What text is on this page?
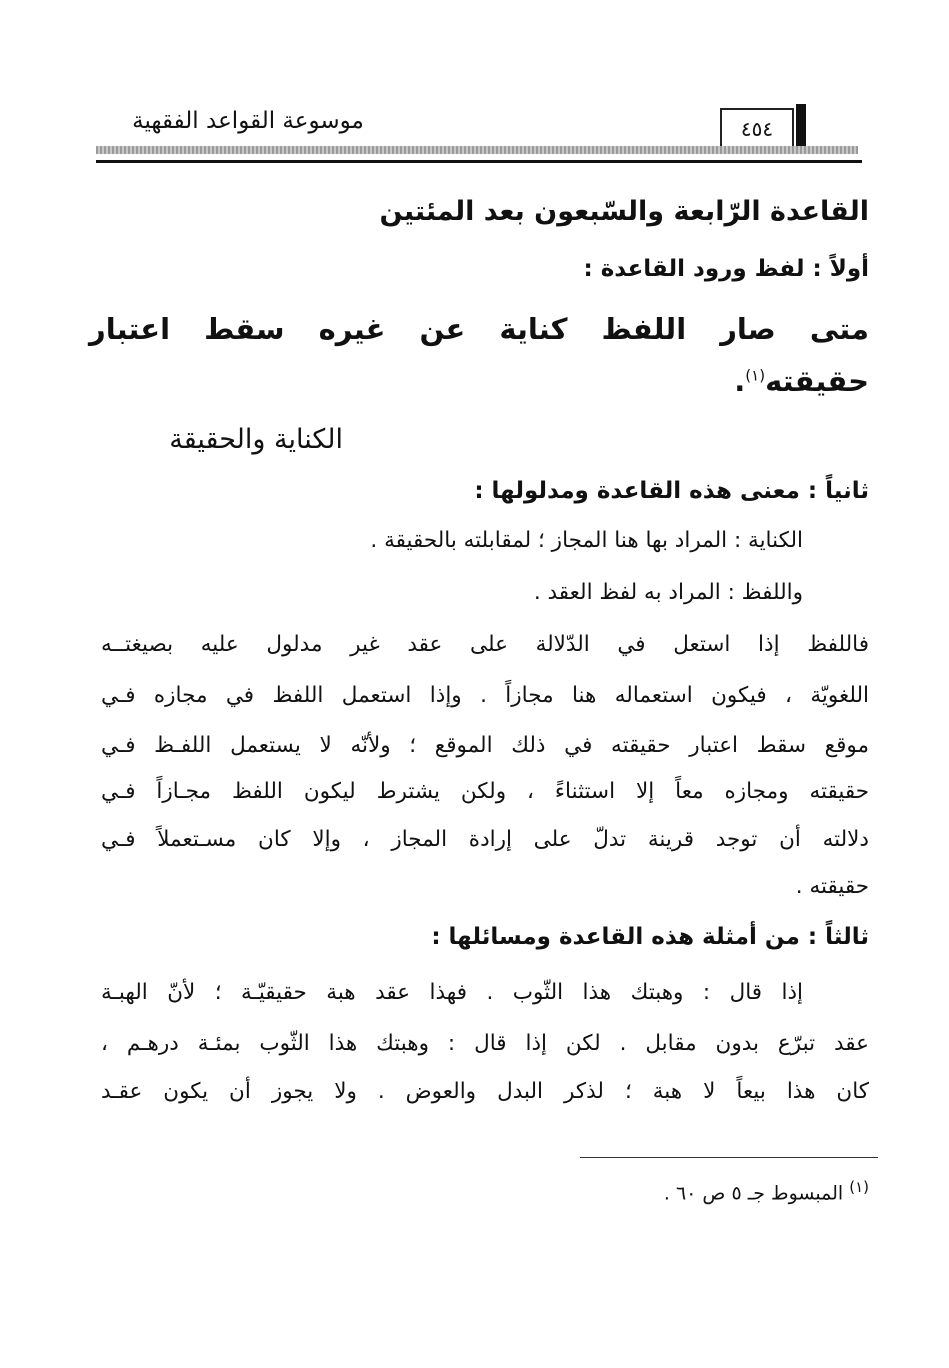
موسوعة القواعد الفقهية	٤٥٤
القاعدة الرّابعة والسّبعون بعد المئتين
أولاً : لفظ ورود القاعدة :
متى صار اللفظ كناية عن غيره سقط اعتبار
حقيقته$^{(١)}$.
الكناية والحقيقة
ثانياً : معنى هذه القاعدة ومدلولها :
الكناية : المراد بها هنا المجاز ؛ لمقابلته بالحقيقة .
واللفظ : المراد به لفظ العقد .
فاللفظ إذا استعل في الدّلالة على عقد غير مدلول عليه بصيغتــه
اللغويّة ، فيكون استعماله هنا مجازاً . وإذا استعمل اللفظ في مجازه فـي
موقع سقط اعتبار حقيقته في ذلك الموقع ؛ ولأنّه لا يستعمل اللفـظ فـي
حقيقته ومجازه معاً إلا استثناءً ، ولكن يشترط ليكون اللفظ مجـازاً فـي
دلالته أن توجد قرينة تدلّ على إرادة المجاز ، وإلا كان مسـتعملاً فـي
حقيقته .
ثالثاً : من أمثلة هذه القاعدة ومسائلها :
إذا قال : وهبتك هذا الثّوب . فهذا عقد هبة حقيقيّـة ؛ لأنّ الهبـة
عقد تبرّع بدون مقابل . لكن إذا قال : وهبتك هذا الثّوب بمئـة درهـم ،
كان هذا بيعاً لا هبة ؛ لذكر البدل والعوض . ولا يجوز أن يكون عقـد
$^{(١)}$ المبسوط جـ ٥ ص ٦٠ .
